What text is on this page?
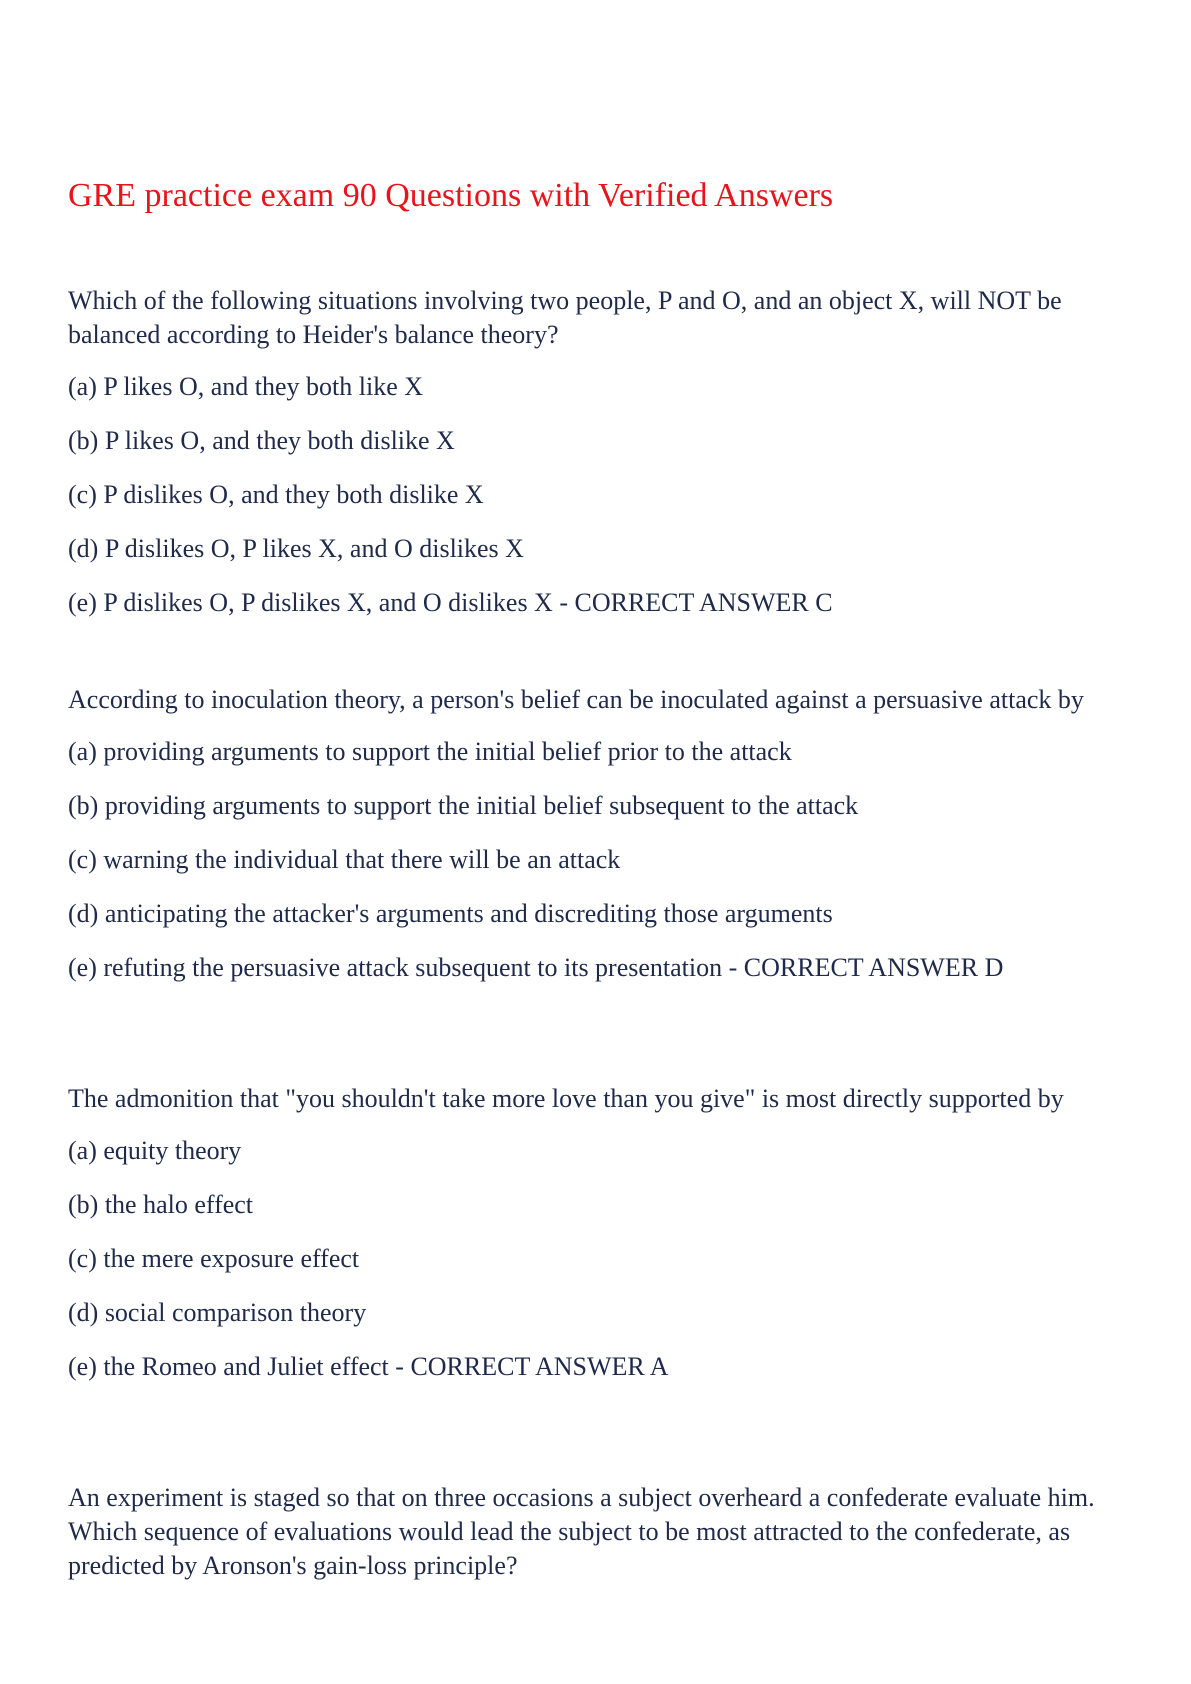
GRE practice exam 90 Questions with Verified Answers

Which of the following situations involving two people, P and O, and an object X, will NOT be balanced according to Heider's balance theory?

(a) P likes O, and they both like X
(b) P likes O, and they both dislike X
(c) P dislikes O, and they both dislike X
(d) P dislikes O, P likes X, and O dislikes X
(e) P dislikes O, P dislikes X, and O dislikes X - CORRECT ANSWER C

According to inoculation theory, a person's belief can be inoculated against a persuasive attack by

(a) providing arguments to support the initial belief prior to the attack
(b) providing arguments to support the initial belief subsequent to the attack
(c) warning the individual that there will be an attack
(d) anticipating the attacker's arguments and discrediting those arguments
(e) refuting the persuasive attack subsequent to its presentation - CORRECT ANSWER D

The admonition that "you shouldn't take more love than you give" is most directly supported by

(a) equity theory
(b) the halo effect
(c) the mere exposure effect
(d) social comparison theory
(e) the Romeo and Juliet effect - CORRECT ANSWER A

An experiment is staged so that on three occasions a subject overheard a confederate evaluate him. Which sequence of evaluations would lead the subject to be most attracted to the confederate, as predicted by Aronson's gain-loss principle?
